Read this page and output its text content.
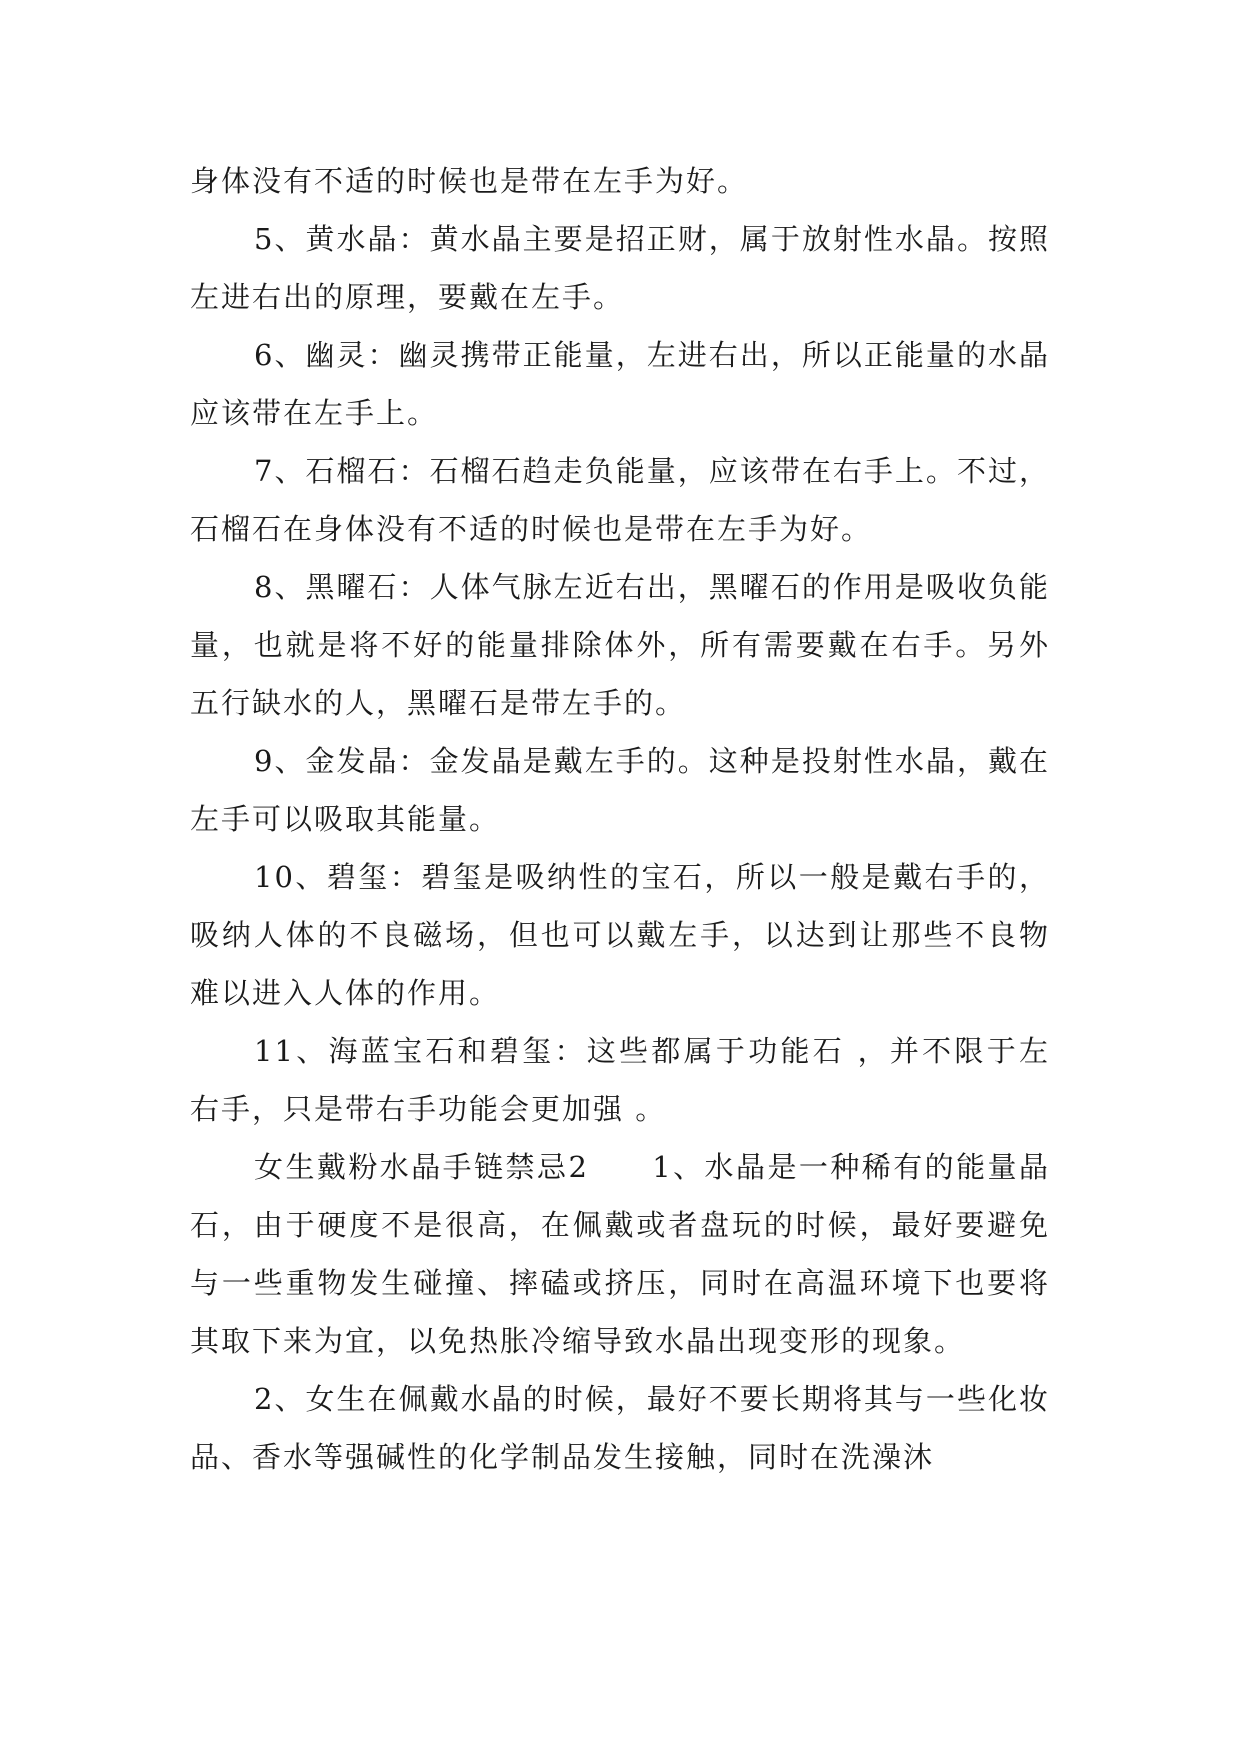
身体没有不适的时候也是带在左手为好。

5、黄水晶：黄水晶主要是招正财，属于放射性水晶。按照左进右出的原理，要戴在左手。

6、幽灵：幽灵携带正能量，左进右出，所以正能量的水晶应该带在左手上。

7、石榴石：石榴石趋走负能量，应该带在右手上。不过，石榴石在身体没有不适的时候也是带在左手为好。

8、黑曜石：人体气脉左近右出，黑曜石的作用是吸收负能量，也就是将不好的能量排除体外，所有需要戴在右手。另外五行缺水的人，黑曜石是带左手的。

9、金发晶：金发晶是戴左手的。这种是投射性水晶，戴在左手可以吸取其能量。

10、碧玺：碧玺是吸纳性的宝石，所以一般是戴右手的，吸纳人体的不良磁场，但也可以戴左手，以达到让那些不良物难以进入人体的作用。

11、海蓝宝石和碧玺：这些都属于功能石 ，并不限于左右手，只是带右手功能会更加强 。

女生戴粉水晶手链禁忌2　　1、水晶是一种稀有的能量晶石，由于硬度不是很高，在佩戴或者盘玩的时候，最好要避免与一些重物发生碰撞、摔磕或挤压，同时在高温环境下也要将其取下来为宜，以免热胀冷缩导致水晶出现变形的现象。

2、女生在佩戴水晶的时候，最好不要长期将其与一些化妆品、香水等强碱性的化学制品发生接触，同时在洗澡沐
